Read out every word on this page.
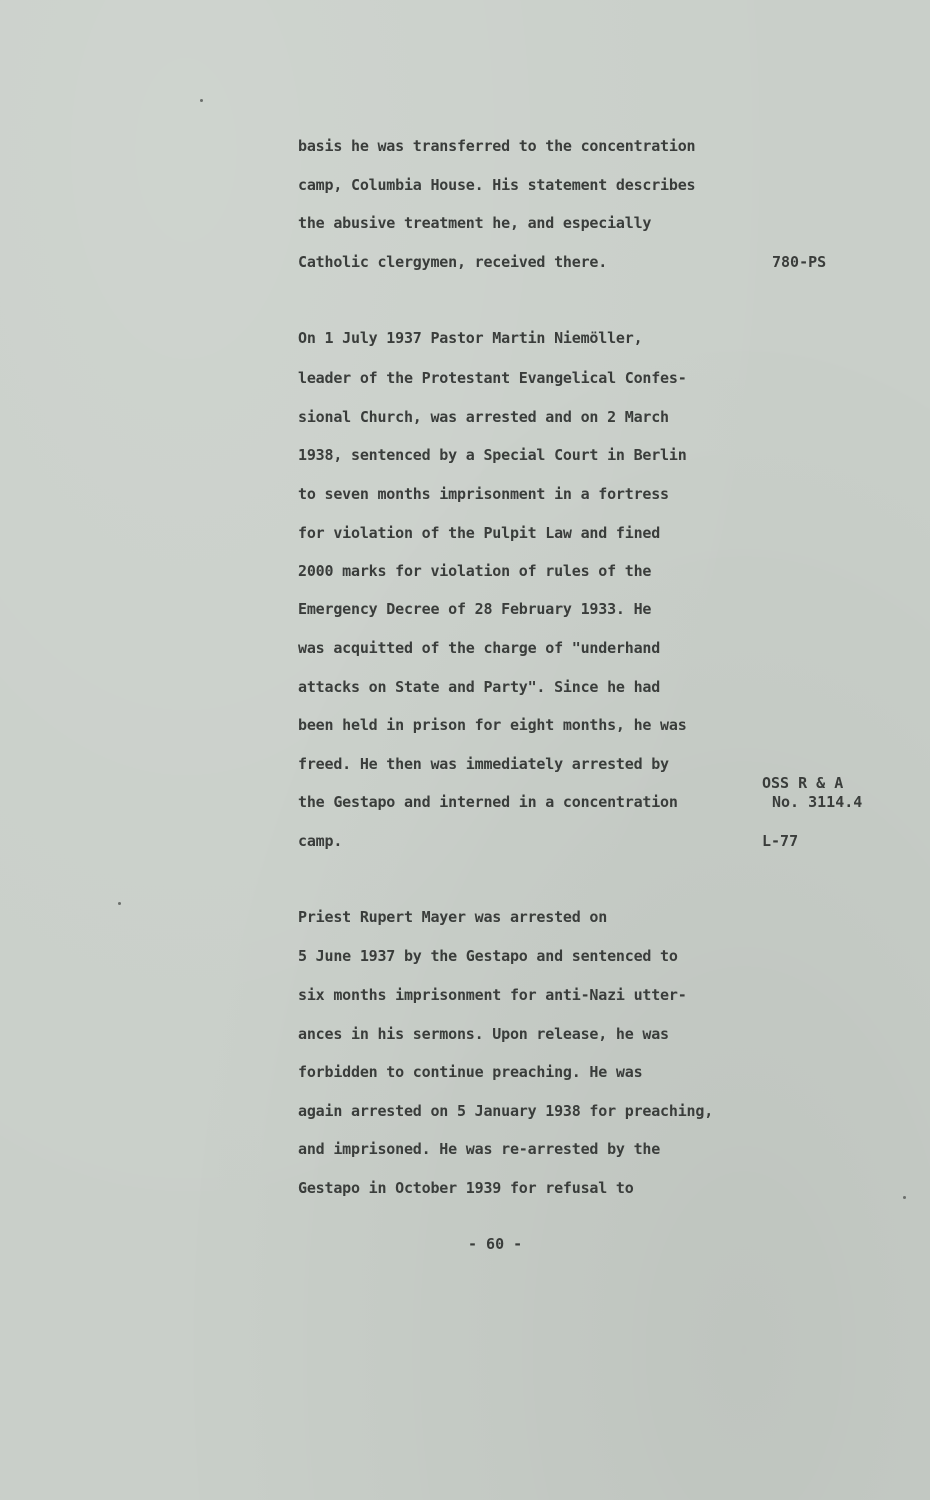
basis he was transferred to the concentration
camp, Columbia House. His statement describes
the abusive treatment he, and especially
Catholic clergymen, received there.
On 1 July 1937 Pastor Martin Niemöller,
leader of the Protestant Evangelical Confes-
sional Church, was arrested and on 2 March
1938, sentenced by a Special Court in Berlin
to seven months imprisonment in a fortress
for violation of the Pulpit Law and fined
2000 marks for violation of rules of the
Emergency Decree of 28 February 1933. He
was acquitted of the charge of "underhand
attacks on State and Party". Since he had
been held in prison for eight months, he was
freed. He then was immediately arrested by
the Gestapo and interned in a concentration
camp.
Priest Rupert Mayer was arrested on
5 June 1937 by the Gestapo and sentenced to
six months imprisonment for anti-Nazi utter-
ances in his sermons. Upon release, he was
forbidden to continue preaching. He was
again arrested on 5 January 1938 for preaching,
and imprisoned. He was re-arrested by the
Gestapo in October 1939 for refusal to
780-PS
OSS R & A
No. 3114.4
L-77
- 60 -
